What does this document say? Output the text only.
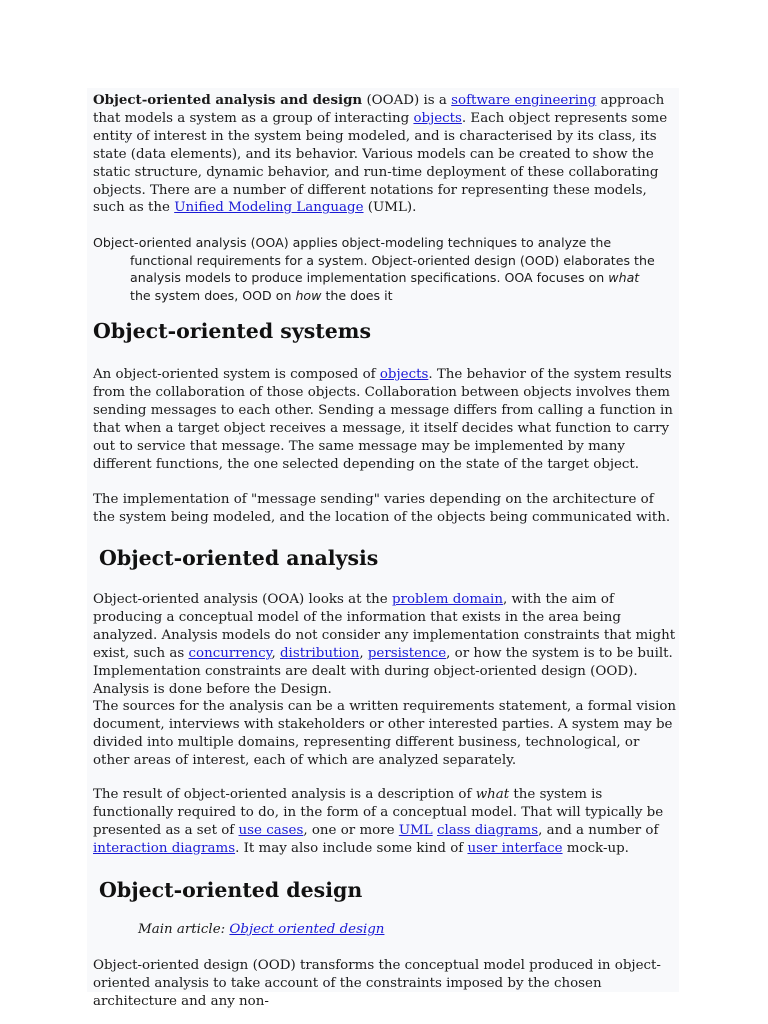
Object-oriented analysis and design (OOAD) is a software engineering approach that models a system as a group of interacting objects. Each object represents some entity of interest in the system being modeled, and is characterised by its class, its state (data elements), and its behavior. Various models can be created to show the static structure, dynamic behavior, and run-time deployment of these collaborating objects. There are a number of different notations for representing these models, such as the Unified Modeling Language (UML).

Object-oriented analysis (OOA) applies object-modeling techniques to analyze the
functional requirements for a system. Object-oriented design (OOD) elaborates the
analysis models to produce implementation specifications. OOA focuses on what
the system does, OOD on how the does it

Object-oriented systems

An object-oriented system is composed of objects. The behavior of the system results from the collaboration of those objects. Collaboration between objects involves them sending messages to each other. Sending a message differs from calling a function in that when a target object receives a message, it itself decides what function to carry out to service that message. The same message may be implemented by many different functions, the one selected depending on the state of the target object.

The implementation of "message sending" varies depending on the architecture of the system being modeled, and the location of the objects being communicated with.

Object-oriented analysis

Object-oriented analysis (OOA) looks at the problem domain, with the aim of producing a conceptual model of the information that exists in the area being analyzed. Analysis models do not consider any implementation constraints that might exist, such as concurrency, distribution, persistence, or how the system is to be built. Implementation constraints are dealt with during object-oriented design (OOD). Analysis is done before the Design.

The sources for the analysis can be a written requirements statement, a formal vision document, interviews with stakeholders or other interested parties. A system may be divided into multiple domains, representing different business, technological, or other areas of interest, each of which are analyzed separately.

The result of object-oriented analysis is a description of what the system is functionally required to do, in the form of a conceptual model. That will typically be presented as a set of use cases, one or more UML class diagrams, and a number of interaction diagrams. It may also include some kind of user interface mock-up.

Object-oriented design

Main article: Object oriented design

Object-oriented design (OOD) transforms the conceptual model produced in object-oriented analysis to take account of the constraints imposed by the chosen architecture and any non-
